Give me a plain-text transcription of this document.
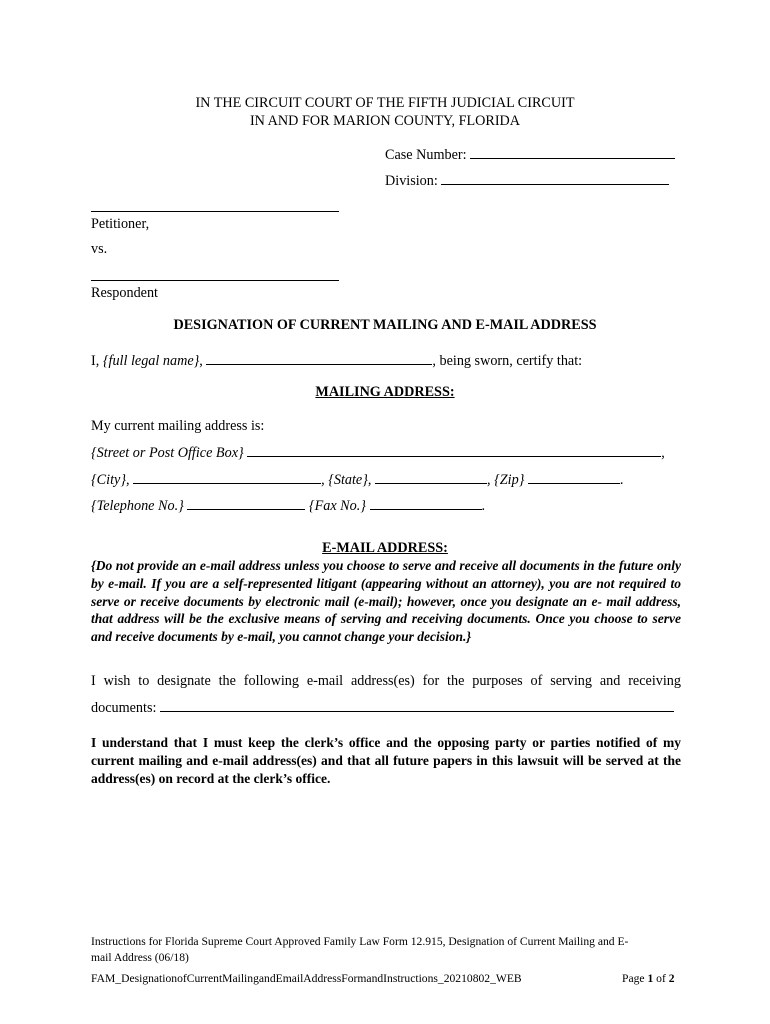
IN THE CIRCUIT COURT OF THE FIFTH JUDICIAL CIRCUIT
IN AND FOR MARION COUNTY, FLORIDA
Case Number:
Division:
Petitioner,
vs.
Respondent
DESIGNATION OF CURRENT MAILING AND E-MAIL ADDRESS
I, {full legal name},	, being sworn, certify that:
MAILING ADDRESS:
My current mailing address is:
{Street or Post Office Box}	,
{City},	, {State},	, {Zip}	.
{Telephone No.}	{Fax No.}	.
E-MAIL ADDRESS:
{Do not provide an e-mail address unless you choose to serve and receive all documents in the future only by e-mail. If you are a self-represented litigant (appearing without an attorney), you are not required to serve or receive documents by electronic mail (e-mail); however, once you designate an e- mail address, that address will be the exclusive means of serving and receiving documents. Once you choose to serve and receive documents by e-mail, you cannot change your decision.}
I wish to designate the following e-mail address(es) for the purposes of serving and receiving
documents:
I understand that I must keep the clerk’s office and the opposing party or parties notified of my current mailing and e-mail address(es) and that all future papers in this lawsuit will be served at the address(es) on record at the clerk’s office.
Instructions for Florida Supreme Court Approved Family Law Form 12.915, Designation of Current Mailing and E-
mail Address (06/18)
FAM_DesignationofCurrentMailingandEmailAddressFormandInstructions_20210802_WEB	Page 1 of 2
